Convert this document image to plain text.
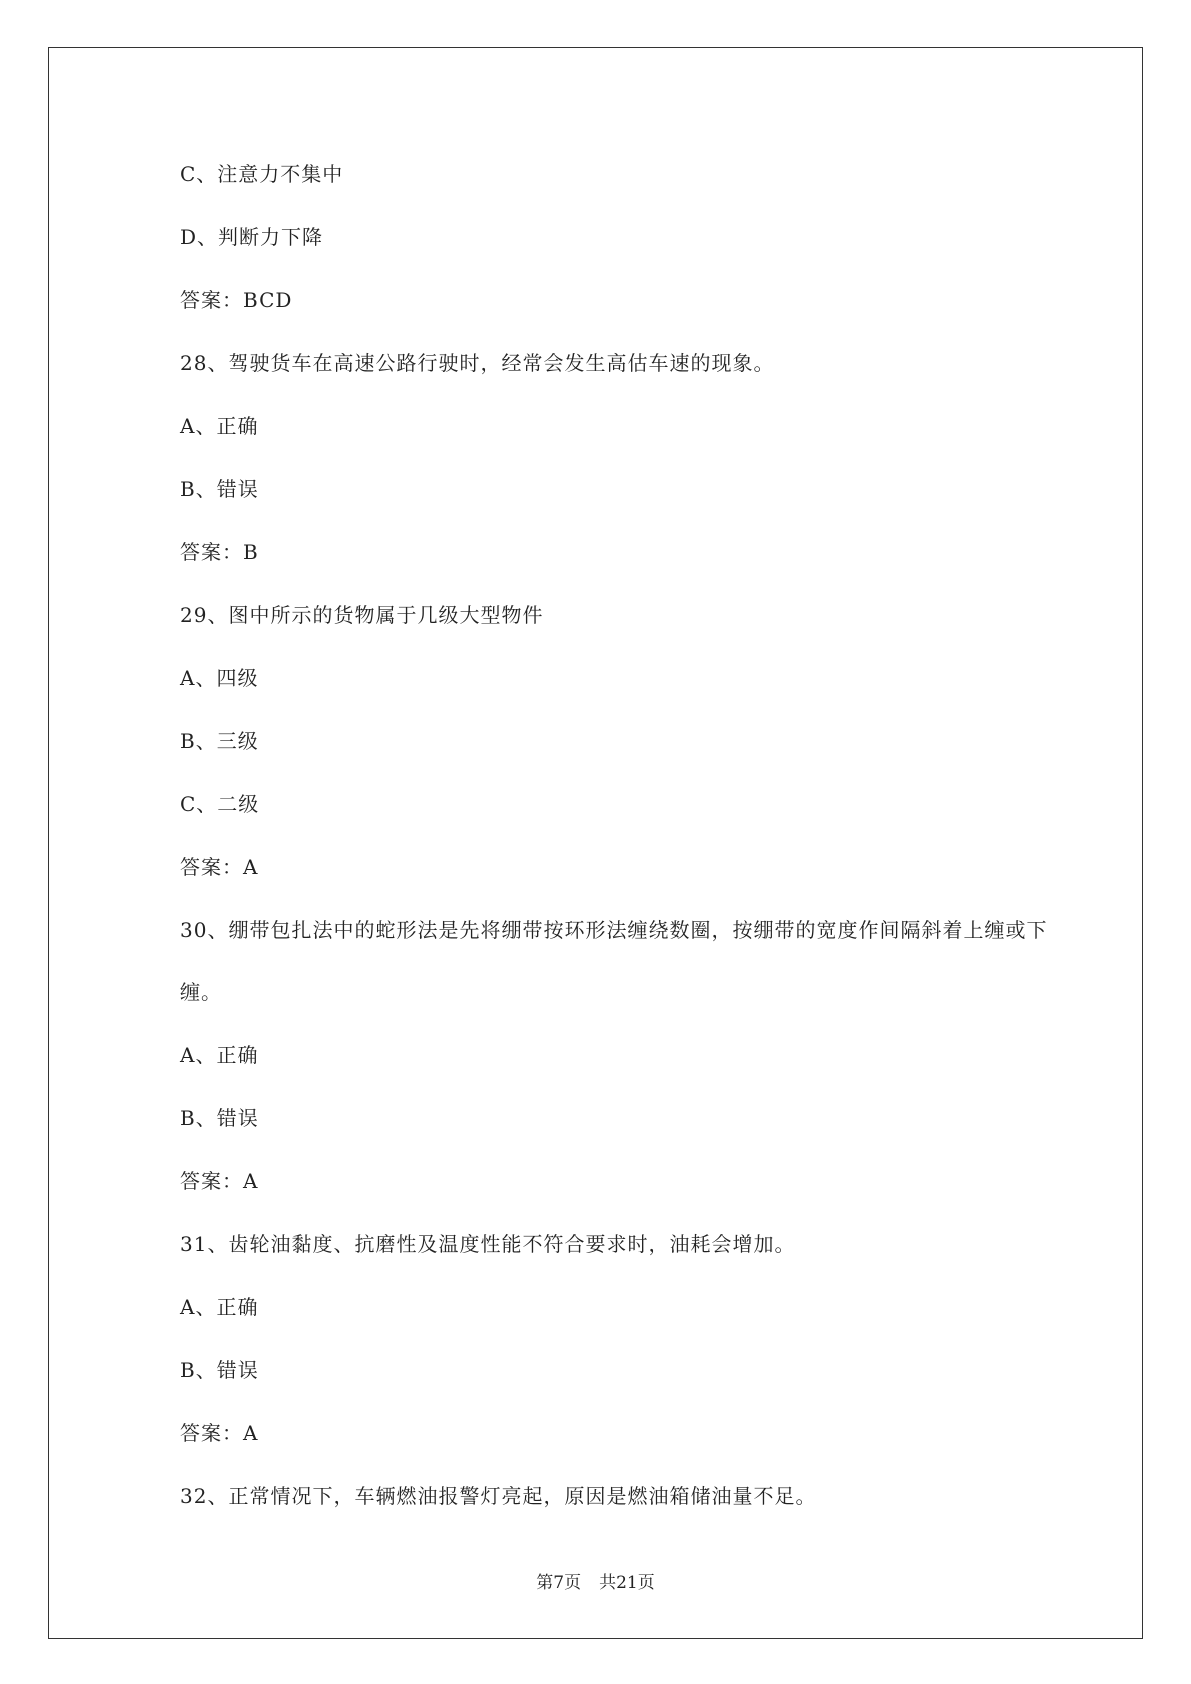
C、注意力不集中
D、判断力下降
答案：BCD
28、驾驶货车在高速公路行驶时，经常会发生高估车速的现象。
A、正确
B、错误
答案：B
29、图中所示的货物属于几级大型物件
A、四级
B、三级
C、二级
答案：A
30、绷带包扎法中的蛇形法是先将绷带按环形法缠绕数圈，按绷带的宽度作间隔斜着上缠或下
缠。
A、正确
B、错误
答案：A
31、齿轮油黏度、抗磨性及温度性能不符合要求时，油耗会增加。
A、正确
B、错误
答案：A
32、正常情况下，车辆燃油报警灯亮起，原因是燃油箱储油量不足。
第7页 共21页
